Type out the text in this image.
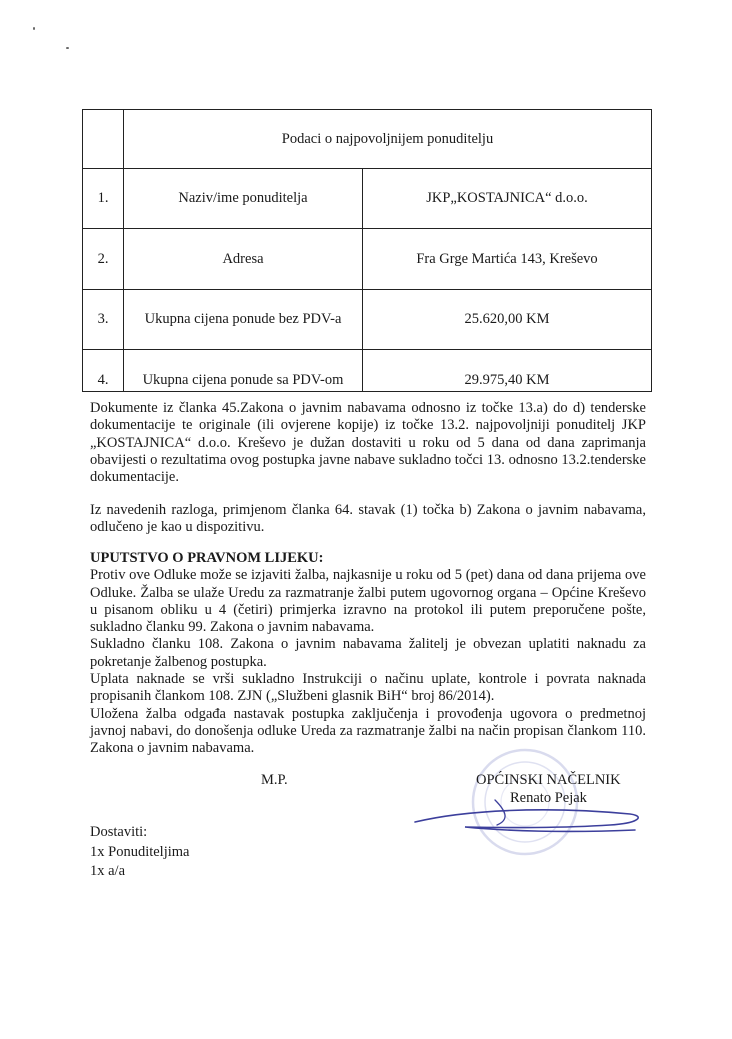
	Podaci o najpovoljnijem ponuditelju	
1.	Naziv/ime ponuditelja	JKP„KOSTAJNICA“ d.o.o.
2.	Adresa	Fra Grge Martića 143, Kreševo
3.	Ukupna cijena ponude bez PDV-a	25.620,00 KM
4.	Ukupna cijena ponude sa PDV-om	29.975,40 KM
Dokumente iz članka 45.Zakona o javnim nabavama odnosno iz točke 13.a) do d) tenderske dokumentacije te originale (ili ovjerene kopije) iz točke 13.2. najpovoljniji ponuditelj JKP „KOSTAJNICA“ d.o.o. Kreševo je dužan dostaviti u roku od 5 dana od dana zaprimanja obavijesti o rezultatima ovog postupka javne nabave sukladno točci 13. odnosno 13.2.tenderske dokumentacije.
Iz navedenih razloga, primjenom članka 64. stavak (1) točka b) Zakona o javnim nabavama, odlučeno je kao u dispozitivu.
UPUTSTVO O PRAVNOM LIJEKU:
Protiv ove Odluke može se izjaviti žalba, najkasnije u roku od 5 (pet) dana od dana prijema ove Odluke. Žalba se ulaže Uredu za razmatranje žalbi putem ugovornog organa – Općine Kreševo u pisanom obliku u 4 (četiri) primjerka izravno na protokol ili putem preporučene pošte, sukladno članku 99. Zakona o javnim nabavama.
Sukladno članku 108. Zakona o javnim nabavama žalitelj je obvezan uplatiti naknadu za pokretanje žalbenog postupka.
Uplata naknade se vrši sukladno Instrukciji o načinu uplate, kontrole i povrata naknada propisanih člankom 108. ZJN („Službeni glasnik BiH“ broj 86/2014).
Uložena žalba odgađa nastavak postupka zaključenja i provođenja ugovora o predmetnoj javnoj nabavi, do donošenja odluke Ureda za razmatranje žalbi na način propisan člankom 110. Zakona o javnim nabavama.
M.P.	OPĆINSKI NAČELNIK
Renato Pejak
Dostaviti:
1x Ponuditeljima
1x a/a
